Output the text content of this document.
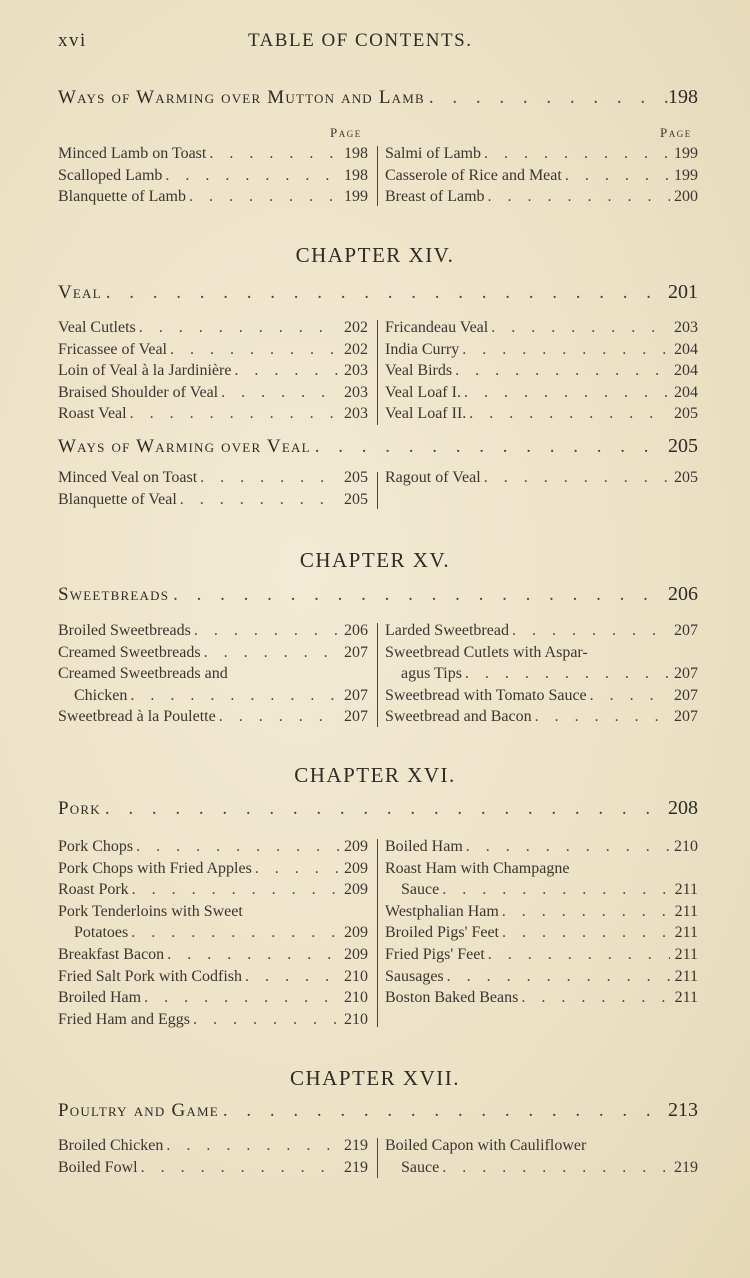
xvi	TABLE OF CONTENTS.
Ways of Warming over Mutton and Lamb . . .	198
Page	Page
Minced Lamb on Toast . . .	198
Scalloped Lamb . . .	198
Blanquette of Lamb . . .	199
Salmi of Lamb . . .	199
Casserole of Rice and Meat . . .	199
Breast of Lamb . . .	200
CHAPTER XIV.
Veal . . .	201
Veal Cutlets . . .	202
Fricassee of Veal . . .	202
Loin of Veal à la Jardinière . . .	203
Braised Shoulder of Veal . . .	203
Roast Veal . . .	203
Fricandeau Veal . . .	203
India Curry . . .	204
Veal Birds . . .	204
Veal Loaf I. . . .	204
Veal Loaf II. . . .	205
Ways of Warming over Veal . . .	205
Minced Veal on Toast . . .	205
Blanquette of Veal . . .	205
Ragout of Veal . . .	205
CHAPTER XV.
Sweetbreads . . .	206
Broiled Sweetbreads . . .	206
Creamed Sweetbreads . . .	207
Creamed Sweetbreads and
Chicken . . .	207
Sweetbread à la Poulette . . .	207
Larded Sweetbread . . .	207
Sweetbread Cutlets with Aspar-
agus Tips . . .	207
Sweetbread with Tomato Sauce . . .	207
Sweetbread and Bacon . . .	207
CHAPTER XVI.
Pork . . .	208
Pork Chops . . .	209
Pork Chops with Fried Apples . . .	209
Roast Pork . . .	209
Pork Tenderloins with Sweet
Potatoes . . .	209
Breakfast Bacon . . .	209
Fried Salt Pork with Codfish . . .	210
Broiled Ham . . .	210
Fried Ham and Eggs . . .	210
Boiled Ham . . .	210
Roast Ham with Champagne
Sauce . . .	211
Westphalian Ham . . .	211
Broiled Pigs' Feet . . .	211
Fried Pigs' Feet . . .	211
Sausages . . .	211
Boston Baked Beans . . .	211
CHAPTER XVII.
Poultry and Game . . .	213
Broiled Chicken . . .	219
Boiled Fowl . . .	219
Boiled Capon with Cauliflower
Sauce . . .	219
